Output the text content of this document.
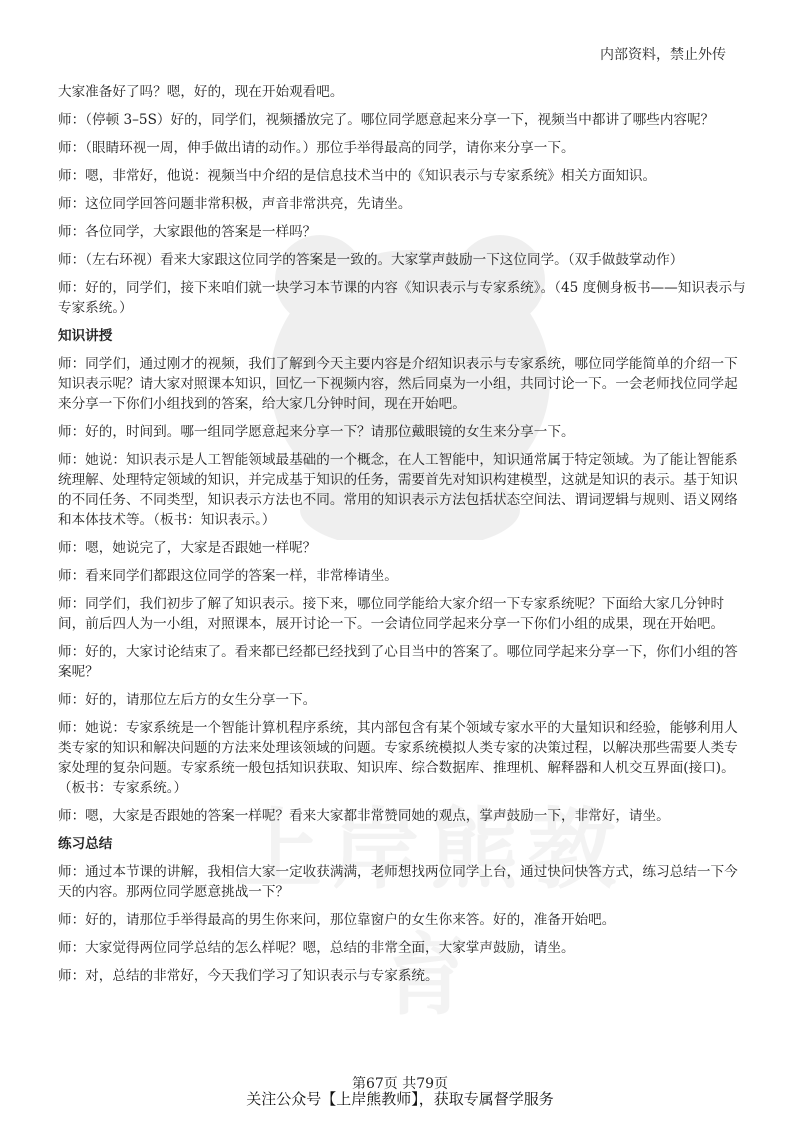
内部资料，禁止外传
大家准备好了吗？嗯，好的，现在开始观看吧。
师：（停顿 3–5S）好的，同学们，视频播放完了。哪位同学愿意起来分享一下，视频当中都讲了哪些内容呢？
师：（眼睛环视一周，伸手做出请的动作。）那位手举得最高的同学，请你来分享一下。
师：嗯，非常好，他说：视频当中介绍的是信息技术当中的《知识表示与专家系统》相关方面知识。
师：这位同学回答问题非常积极，声音非常洪亮，先请坐。
师：各位同学，大家跟他的答案是一样吗？
师：（左右环视）看来大家跟这位同学的答案是一致的。大家掌声鼓励一下这位同学。（双手做鼓掌动作）
师：好的，同学们，接下来咱们就一块学习本节课的内容《知识表示与专家系统》。（45 度侧身板书——知识表示与专家系统。）
知识讲授
师：同学们，通过刚才的视频，我们了解到今天主要内容是介绍知识表示与专家系统，哪位同学能简单的介绍一下知识表示呢？请大家对照课本知识，回忆一下视频内容，然后同桌为一小组，共同讨论一下。一会老师找位同学起来分享一下你们小组找到的答案，给大家几分钟时间，现在开始吧。
师：好的，时间到。哪一组同学愿意起来分享一下？请那位戴眼镜的女生来分享一下。
师：她说：知识表示是人工智能领域最基础的一个概念，在人工智能中，知识通常属于特定领域。为了能让智能系统理解、处理特定领域的知识，并完成基于知识的任务，需要首先对知识构建模型，这就是知识的表示。基于知识的不同任务、不同类型，知识表示方法也不同。常用的知识表示方法包括状态空间法、谓词逻辑与规则、语义网络和本体技术等。（板书：知识表示。）
师：嗯，她说完了，大家是否跟她一样呢？
师：看来同学们都跟这位同学的答案一样，非常棒请坐。
师：同学们，我们初步了解了知识表示。接下来，哪位同学能给大家介绍一下专家系统呢？下面给大家几分钟时间，前后四人为一小组，对照课本，展开讨论一下。一会请位同学起来分享一下你们小组的成果，现在开始吧。
师：好的，大家讨论结束了。看来都已经都已经找到了心目当中的答案了。哪位同学起来分享一下，你们小组的答案呢？
师：好的，请那位左后方的女生分享一下。
师：她说：专家系统是一个智能计算机程序系统，其内部包含有某个领域专家水平的大量知识和经验，能够利用人类专家的知识和解决问题的方法来处理该领域的问题。专家系统模拟人类专家的决策过程，以解决那些需要人类专家处理的复杂问题。专家系统一般包括知识获取、知识库、综合数据库、推理机、解释器和人机交互界面(接口)。（板书：专家系统。）
师：嗯，大家是否跟她的答案一样呢？看来大家都非常赞同她的观点，掌声鼓励一下，非常好，请坐。
练习总结
师：通过本节课的讲解，我相信大家一定收获满满，老师想找两位同学上台，通过快问快答方式，练习总结一下今天的内容。那两位同学愿意挑战一下？
师：好的，请那位手举得最高的男生你来问，那位靠窗户的女生你来答。好的，准备开始吧。
师：大家觉得两位同学总结的怎么样呢？嗯，总结的非常全面，大家掌声鼓励，请坐。
师：对，总结的非常好，今天我们学习了知识表示与专家系统。
第67页 共79页
关注公众号【上岸熊教师】，获取专属督学服务
